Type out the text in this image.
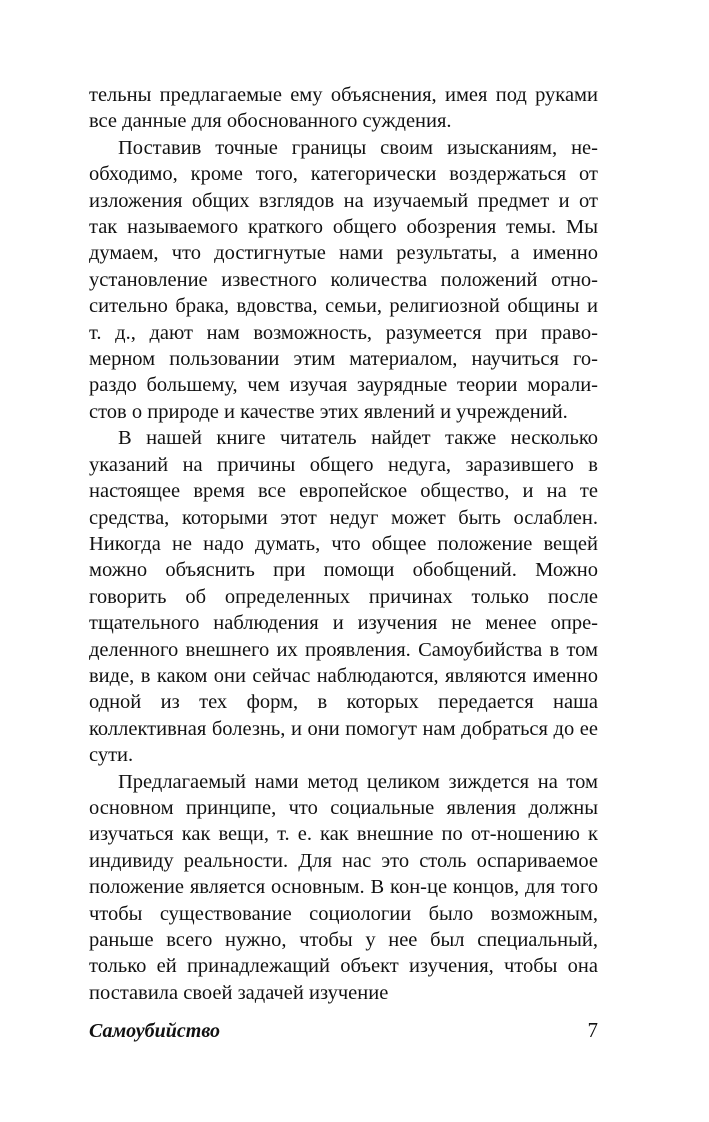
тельны предлагаемые ему объяснения, имея под руками все данные для обоснованного суждения.

Поставив точные границы своим изысканиям, не-обходимо, кроме того, категорически воздержаться от изложения общих взглядов на изучаемый предмет и от так называемого краткого общего обозрения темы. Мы думаем, что достигнутые нами результаты, а именно установление известного количества положений отно-сительно брака, вдовства, семьи, религиозной общины и т. д., дают нам возможность, разумеется при право-мерном пользовании этим материалом, научиться го-раздо большему, чем изучая заурядные теории морали-стов о природе и качестве этих явлений и учреждений.

В нашей книге читатель найдет также несколько указаний на причины общего недуга, заразившего в настоящее время все европейское общество, и на те средства, которыми этот недуг может быть ослаблен. Никогда не надо думать, что общее положение вещей можно объяснить при помощи обобщений. Можно говорить об определенных причинах только после тщательного наблюдения и изучения не менее опре-деленного внешнего их проявления. Самоубийства в том виде, в каком они сейчас наблюдаются, являются именно одной из тех форм, в которых передается наша коллективная болезнь, и они помогут нам добраться до ее сути.

Предлагаемый нами метод целиком зиждется на том основном принципе, что социальные явления должны изучаться как вещи, т. е. как внешние по от-ношению к индивиду реальности. Для нас это столь оспариваемое положение является основным. В кон-це концов, для того чтобы существование социологии было возможным, раньше всего нужно, чтобы у нее был специальный, только ей принадлежащий объект изучения, чтобы она поставила своей задачей изучение

Самоубийство	7
